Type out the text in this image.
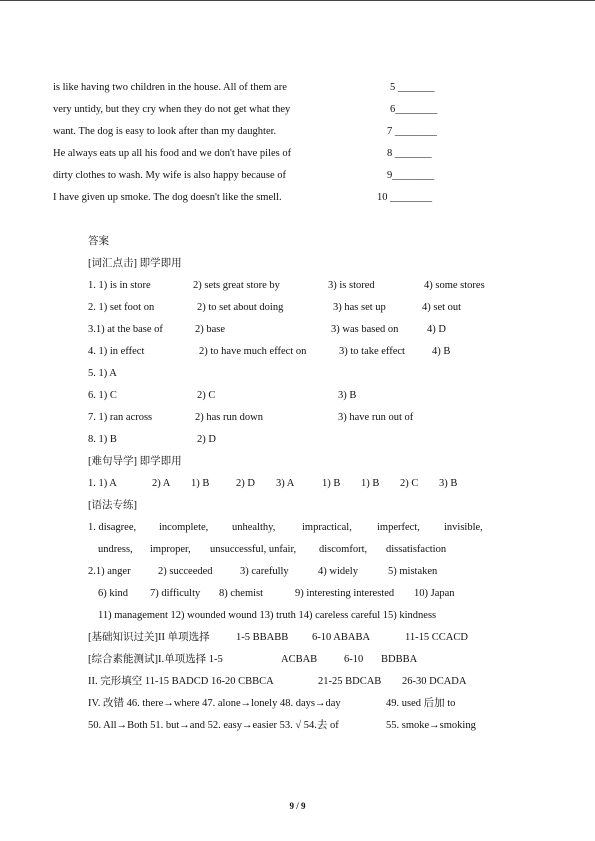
is like having two children in the house. All of them are	5 _______
very untidy, but they cry when they do not get what they	6________
want. The dog is easy to look after than my daughter.	7 ________
He always eats up all his food and we don't have piles of	8 _______
dirty clothes to wash. My wife is also happy because of	9________
I have given up smoke. The dog doesn't like the smell.	10 ________
答案
[词汇点击] 即学即用
1. 1) is in store	2) sets great store by	3) is stored	4) some stores
2. 1) set foot on	2) to set about doing	3) has set up	4) set out
3.1) at the base of	2) base	3) was based on	4) D
4. 1) in effect	2) to have much effect on	3) to take effect	4) B
5. 1) A
6. 1) C	2) C	3) B
7. 1) ran across	2) has run down	3) have run out of
8. 1) B	2) D
[难句导学] 即学即用
1. 1) A	2) A 1) B	2) D 3) A	1) B 1) B 2) C 3) B
[语法专练]
1. disagree, incomplete, unhealthy,	impractical, imperfect, invisible,
undress, improper, unsuccessful, unfair, discomfort, dissatisfaction
2.1) anger	2) succeeded	3) carefully	4) widely	5) mistaken
6) kind 7) difficulty 8) chemist	9) interesting interested 10) Japan
11) management 12) wounded wound 13) truth 14) careless careful 15) kindness
[基础知识过关]II 单项选择	1-5 BBABB 6-10 ABABA	11-15 CCACD
[综合素能测试]I.单项选择 1-5	ACBAB	6-10 BDBBA
II. 完形填空 11-15 BADCD 16-20 CBBCA	21-25 BDCAB 26-30 DCADA
IV. 改错 46. there→where 47. alone→lonely 48. days→day	49. used 后加 to
50. All→Both 51. but→and 52. easy→easier 53. √ 54.去 of	55. smoke→smoking
9 / 9
